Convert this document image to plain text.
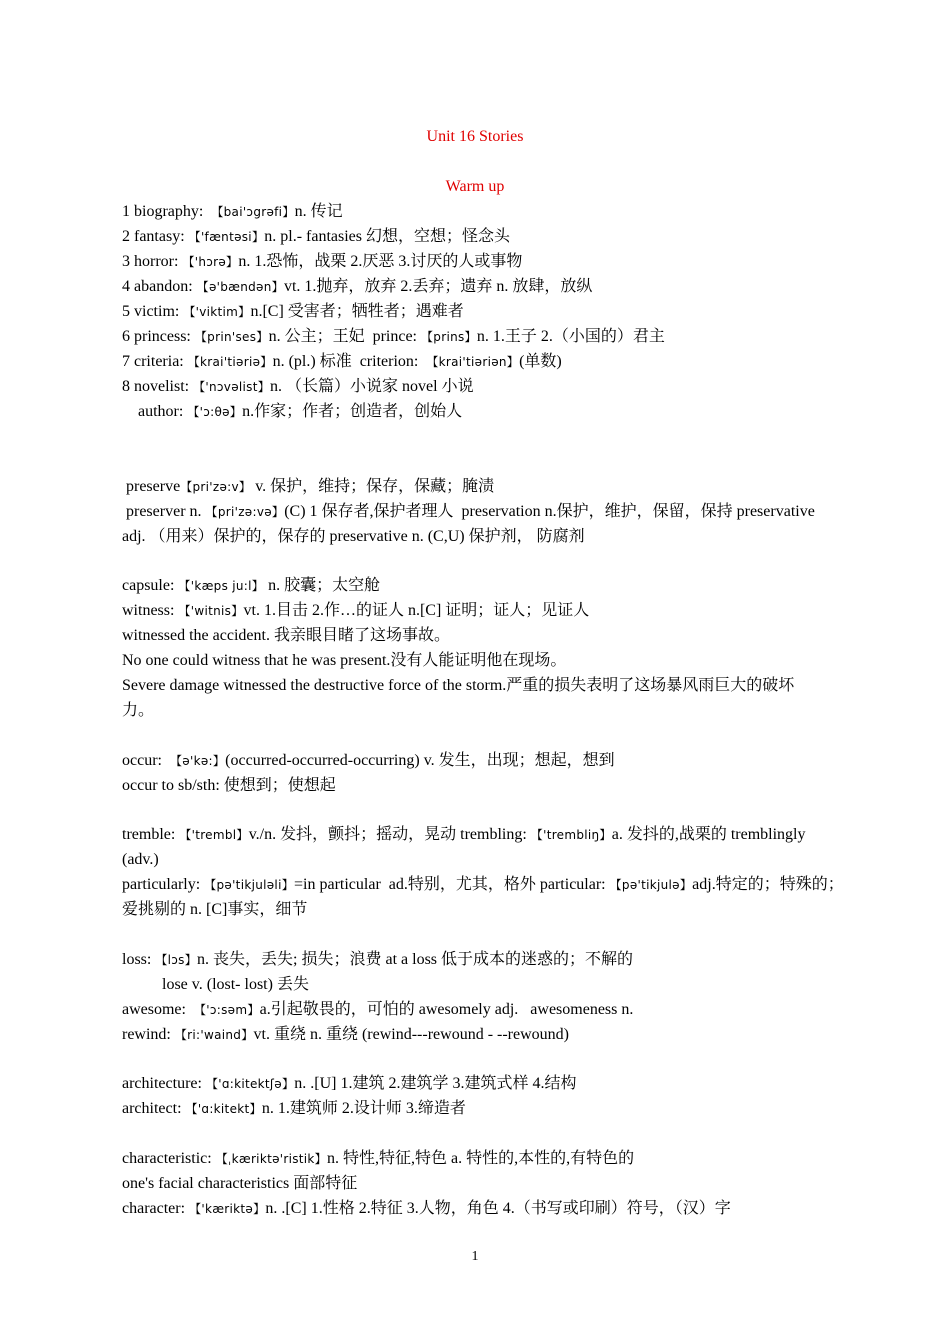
Unit 16 Stories
Warm up
1 biography:  【bai'ɔgrəfi】n. 传记
2 fantasy: 【'fæntəsi】n. pl.- fantasies 幻想，空想；怪念头
3 horror: 【'hɔrə】n. 1.恐怖，战栗 2.厌恶 3.讨厌的人或事物
4 abandon: 【ə'bændən】vt. 1.抛弃，放弃 2.丢弃；遗弃 n. 放肆，放纵
5 victim: 【'viktim】n.[C] 受害者；牺牲者；遇难者
6 princess: 【prin'ses】n. 公主；王妃  prince: 【prins】n. 1.王子 2.（小国的）君主
7 criteria: 【krai'tiəriə】n. (pl.) 标准  criterion:  【krai'tiəriən】(单数)
8 novelist: 【'nɔvəlist】n. （长篇）小说家 novel 小说
author: 【'ɔ:θə】n.作家；作者；创造者，创始人
preserve【pri'zə:v】 v. 保护，维持；保存，保藏；腌渍
preserver n. 【pri'zə:və】(C) 1 保存者,保护者理人  preservation n.保护，维护，保留，保持 preservative
adj. （用来）保护的，保存的 preservative n. (C,U) 保护剂， 防腐剂
capsule: 【'kæps ju:l】 n. 胶囊；太空舱
witness: 【'witnis】vt. 1.目击 2.作…的证人 n.[C] 证明；证人；见证人
witnessed the accident. 我亲眼目睹了这场事故。
No one could witness that he was present.没有人能证明他在现场。
Severe damage witnessed the destructive force of the storm.严重的损失表明了这场暴风雨巨大的破坏
力。
occur:  【ə'kə:】(occurred-occurred-occurring) v. 发生，出现；想起，想到
occur to sb/sth: 使想到；使想起
tremble: 【'trembl】v./n. 发抖，颤抖；摇动，晃动 trembling: 【'trembliŋ】a. 发抖的,战栗的 tremblingly
(adv.)
particularly: 【pə'tikjuləli】=in particular  ad.特别，尤其，格外 particular: 【pə'tikjulə】adj.特定的；特殊的；
爱挑剔的 n. [C]事实，细节
loss: 【lɔs】n. 丧失，丢失; 损失；浪费 at a loss 低于成本的迷惑的；不解的
lose v. (lost- lost) 丢失
awesome:  【'ɔ:səm】a.引起敬畏的，可怕的 awesomely adj.   awesomeness n.
rewind: 【ri:'waind】vt. 重绕 n. 重绕 (rewind---rewound - --rewound)
architecture: 【'ɑ:kitektʃə】n. .[U] 1.建筑 2.建筑学 3.建筑式样 4.结构
architect: 【'ɑ:kitekt】n. 1.建筑师 2.设计师 3.缔造者
characteristic: 【ˌkæriktə'ristik】n. 特性,特征,特色 a. 特性的,本性的,有特色的
one's facial characteristics 面部特征
character: 【'kæriktə】n. .[C] 1.性格 2.特征 3.人物，角色 4.（书写或印刷）符号，（汉）字
1
